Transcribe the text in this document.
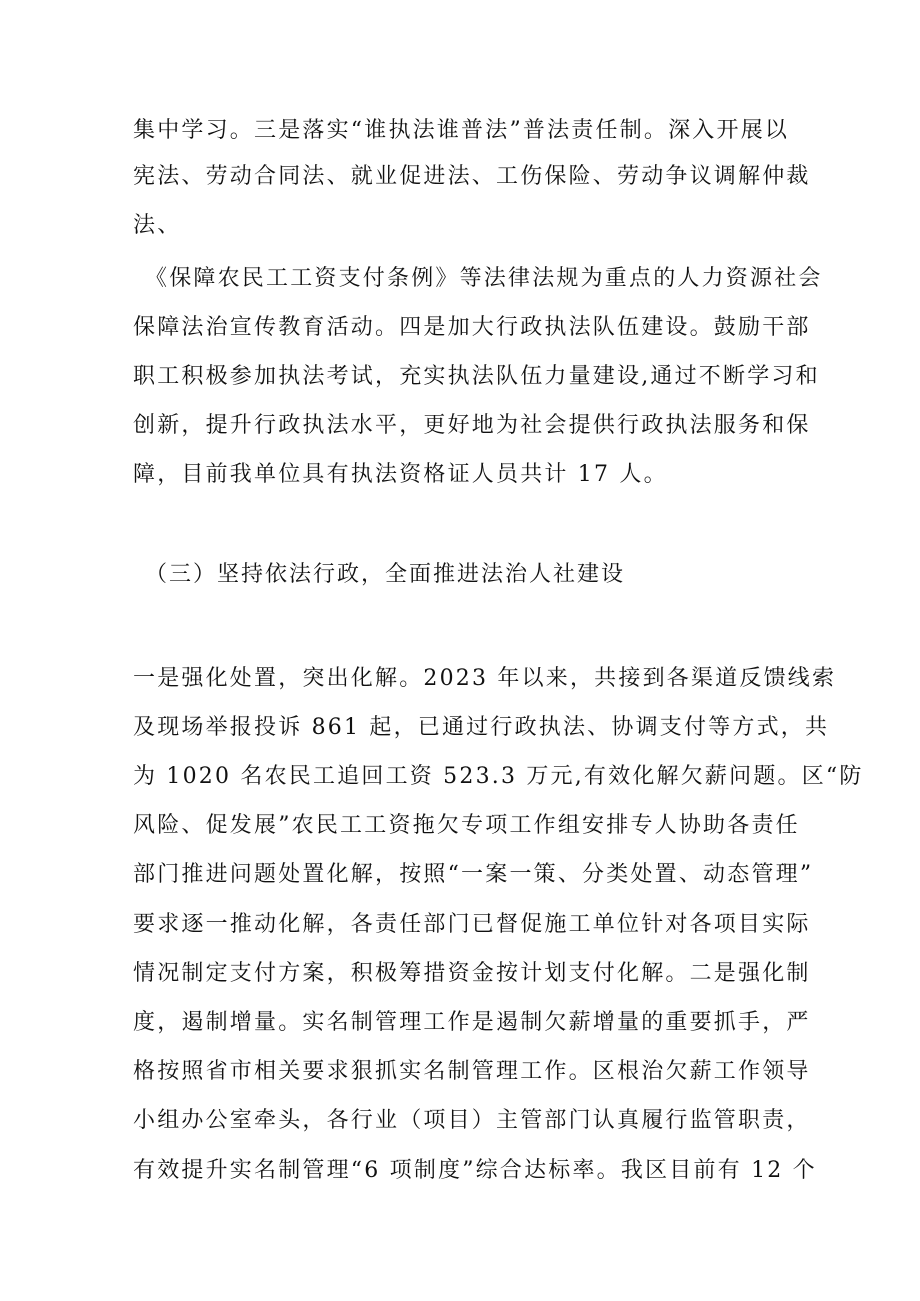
集中学习。三是落实“谁执法谁普法”普法责任制。深入开展以
宪法、劳动合同法、就业促进法、工伤保险、劳动争议调解仲裁
法、
《保障农民工工资支付条例》等法律法规为重点的人力资源社会
保障法治宣传教育活动。四是加大行政执法队伍建设。鼓励干部
职工积极参加执法考试，充实执法队伍力量建设,通过不断学习和
创新，提升行政执法水平，更好地为社会提供行政执法服务和保
障，目前我单位具有执法资格证人员共计 17 人。
（三）坚持依法行政，全面推进法治人社建设
一是强化处置，突出化解。2023 年以来，共接到各渠道反馈线索
及现场举报投诉 861 起，已通过行政执法、协调支付等方式，共
为 1020 名农民工追回工资 523.3 万元,有效化解欠薪问题。区“防
风险、促发展”农民工工资拖欠专项工作组安排专人协助各责任
部门推进问题处置化解，按照“一案一策、分类处置、动态管理”
要求逐一推动化解，各责任部门已督促施工单位针对各项目实际
情况制定支付方案，积极筹措资金按计划支付化解。二是强化制
度，遏制增量。实名制管理工作是遏制欠薪增量的重要抓手，严
格按照省市相关要求狠抓实名制管理工作。区根治欠薪工作领导
小组办公室牵头，各行业（项目）主管部门认真履行监管职责，
有效提升实名制管理“6 项制度”综合达标率。我区目前有 12 个
